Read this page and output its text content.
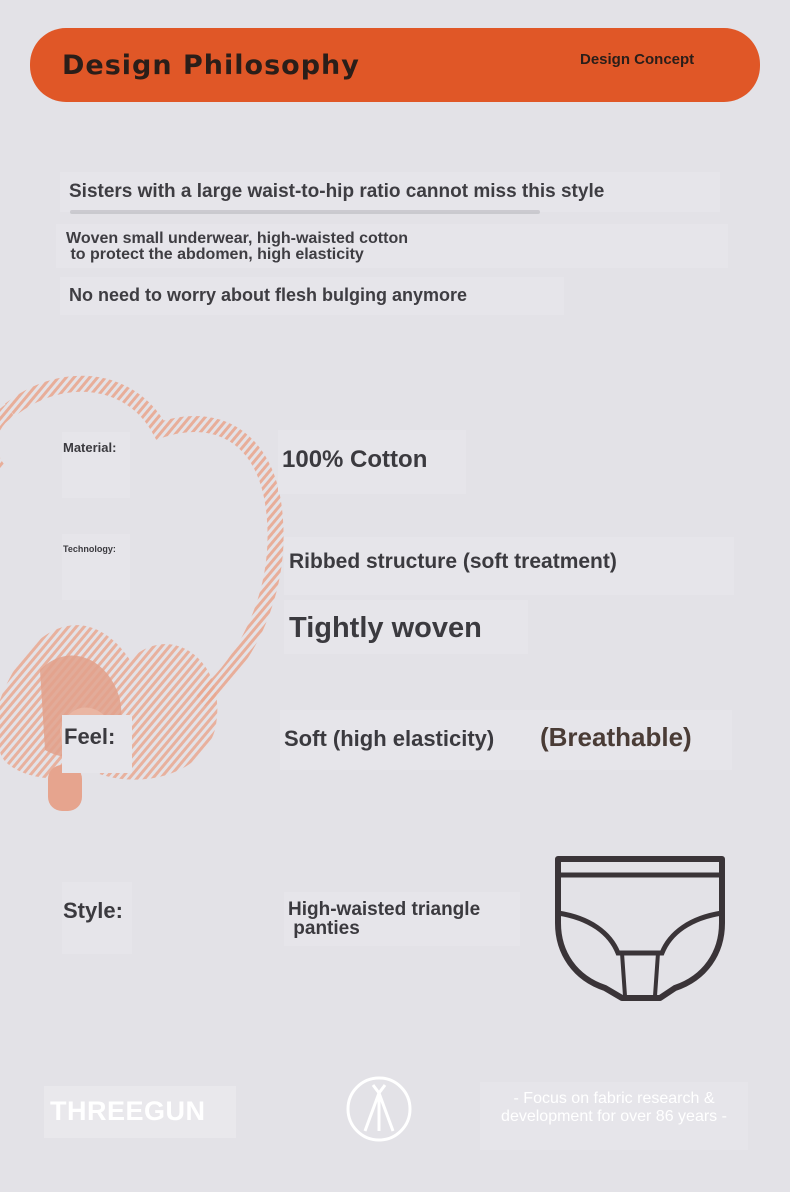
Design Philosophy	Design Concept
Sisters with a large waist-to-hip ratio cannot miss this style
Woven small underwear, high-waisted cotton
to protect the abdomen, high elasticity
No need to worry about flesh bulging anymore
Material:	100% Cotton
Technology:
Ribbed structure (soft treatment)
Tightly woven
Feel:	Soft (high elasticity) (Breathable)
Style:	High-waisted triangle
panties
THREEGUN	- Focus on fabric research &
development for over 86 years -
